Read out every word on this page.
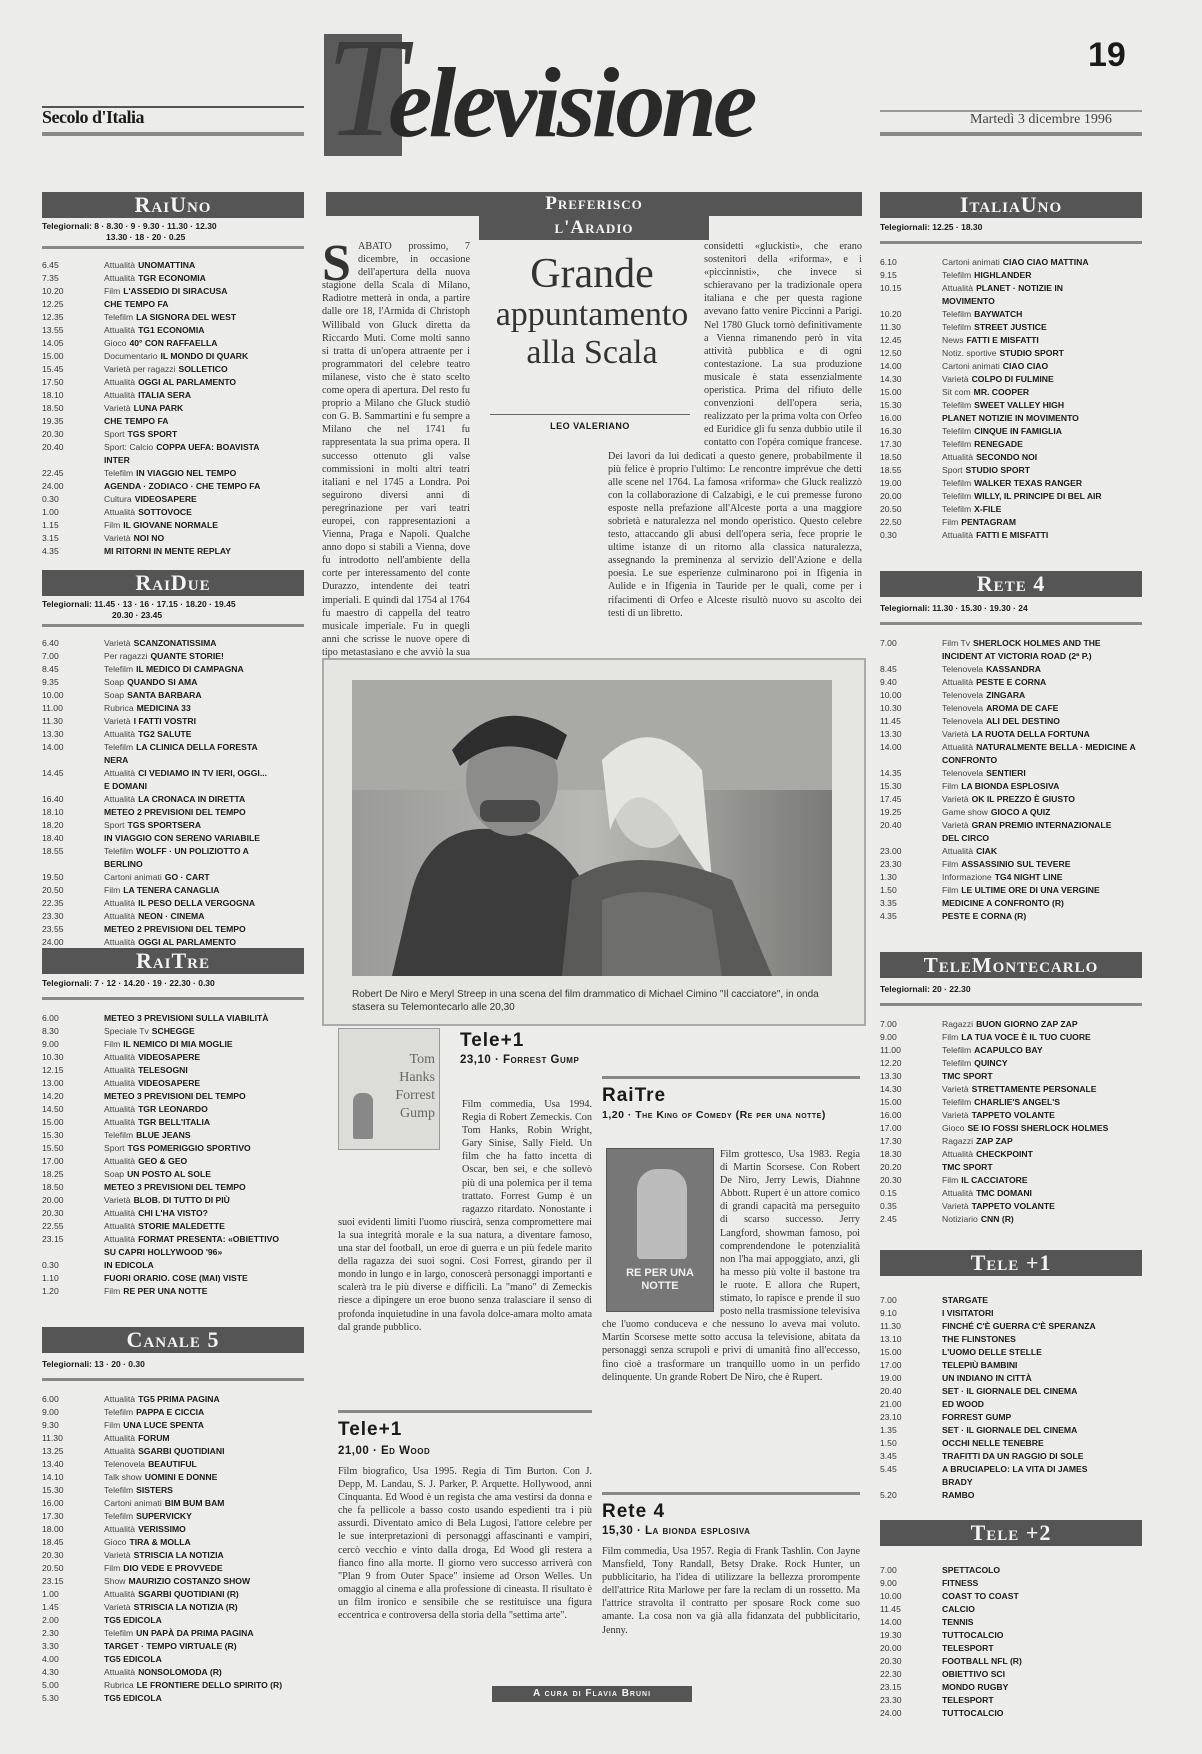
Secolo d'Italia T
elevisione	19
Martedì 3 dicembre 1996
RaiUno
Telegiornali: 8 · 8.30 · 9 · 9.30 · 11.30 · 12.30
13.30 · 18 · 20 · 0.25
6.45	Attualità UNOMATTINA
7.35	Attualità TGR ECONOMIA
10.20	Film L'ASSEDIO DI SIRACUSA
12.25	CHE TEMPO FA
12.35	Telefilm LA SIGNORA DEL WEST
13.55	Attualità TG1 ECONOMIA
14.05	Gioco 40° CON RAFFAELLA
15.00	Documentario IL MONDO DI QUARK
15.45	Varietà per ragazzi SOLLETICO
17.50	Attualità OGGI AL PARLAMENTO
18.10	Attualità ITALIA SERA
18.50	Varietà LUNA PARK
19.35	CHE TEMPO FA
20.30	Sport TGS SPORT
20.40	Sport: Calcio COPPA UEFA: BOAVISTA
INTER
22.45	Telefilm IN VIAGGIO NEL TEMPO
24.00	AGENDA · ZODIACO · CHE TEMPO FA
0.30	Cultura VIDEOSAPERE
1.00	Attualità SOTTOVOCE
1.15	Film IL GIOVANE NORMALE
3.15	Varietà NOI NO
4.35	MI RITORNI IN MENTE REPLAY
RaiDue
Telegiornali: 11.45 · 13 · 16 · 17.15 · 18.20 · 19.45
20.30 · 23.45
6.40	Varietà SCANZONATISSIMA
7.00	Per ragazzi QUANTE STORIE!
8.45	Telefilm IL MEDICO DI CAMPAGNA
9.35	Soap QUANDO SI AMA
10.00	Soap SANTA BARBARA
11.00	Rubrica MEDICINA 33
11.30	Varietà I FATTI VOSTRI
13.30	Attualità TG2 SALUTE
14.00	Telefilm LA CLINICA DELLA FORESTA
NERA
14.45	Attualità CI VEDIAMO IN TV IERI, OGGI...
E DOMANI
16.40	Attualità LA CRONACA IN DIRETTA
18.10	METEO 2 PREVISIONI DEL TEMPO
18.20	Sport TGS SPORTSERA
18.40	IN VIAGGIO CON SERENO VARIABILE
18.55	Telefilm WOLFF · UN POLIZIOTTO A
BERLINO
19.50	Cartoni animati GO · CART
20.50	Film LA TENERA CANAGLIA
22.35	Attualità IL PESO DELLA VERGOGNA
23.30	Attualità NEON · CINEMA
23.55	METEO 2 PREVISIONI DEL TEMPO
24.00	Attualità OGGI AL PARLAMENTO
RaiTre
Telegiornali: 7 · 12 · 14.20 · 19 · 22.30 · 0.30
6.00	METEO 3 PREVISIONI SULLA VIABILITÀ
8.30	Speciale Tv SCHEGGE
9.00	Film IL NEMICO DI MIA MOGLIE
10.30	Attualità VIDEOSAPERE
12.15	Attualità TELESOGNI
13.00	Attualità VIDEOSAPERE
14.20	METEO 3 PREVISIONI DEL TEMPO
14.50	Attualità TGR LEONARDO
15.00	Attualità TGR BELL'ITALIA
15.30	Telefilm BLUE JEANS
15.50	Sport TGS POMERIGGIO SPORTIVO
17.00	Attualità GEO & GEO
18.25	Soap UN POSTO AL SOLE
18.50	METEO 3 PREVISIONI DEL TEMPO
20.00	Varietà BLOB. DI TUTTO DI PIÙ
20.30	Attualità CHI L'HA VISTO?
22.55	Attualità STORIE MALEDETTE
23.15	Attualità FORMAT PRESENTA: «OBIETTIVO
SU CAPRI HOLLYWOOD '96»
0.30	IN EDICOLA
1.10	FUORI ORARIO. COSE (MAI) VISTE
1.20	Film RE PER UNA NOTTE
Canale 5
Telegiornali: 13 · 20 · 0.30
6.00	Attualità TG5 PRIMA PAGINA
9.00	Telefilm PAPPA E CICCIA
9.30	Film UNA LUCE SPENTA
11.30	Attualità FORUM
13.25	Attualità SGARBI QUOTIDIANI
13.40	Telenovela BEAUTIFUL
14.10	Talk show UOMINI E DONNE
15.30	Telefilm SISTERS
16.00	Cartoni animati BIM BUM BAM
17.30	Telefilm SUPERVICKY
18.00	Attualità VERISSIMO
18.45	Gioco TIRA & MOLLA
20.30	Varietà STRISCIA LA NOTIZIA
20.50	Film DIO VEDE E PROVVEDE
23.15	Show MAURIZIO COSTANZO SHOW
1.00	Attualità SGARBI QUOTIDIANI (R)
1.45	Varietà STRISCIA LA NOTIZIA (R)
2.00	TG5 EDICOLA
2.30	Telefilm UN PAPÀ DA PRIMA PAGINA
3.30	TARGET · TEMPO VIRTUALE (R)
4.00	TG5 EDICOLA
4.30	Attualità NONSOLOMODA (R)
5.00	Rubrica LE FRONTIERE DELLO SPIRITO (R)
5.30	TG5 EDICOLA
ItaliaUno
Telegiornali: 12.25 · 18.30
6.10	Cartoni animati CIAO CIAO MATTINA
9.15	Telefilm HIGHLANDER
10.15	Attualità PLANET · NOTIZIE IN
MOVIMENTO
10.20	Telefilm BAYWATCH
11.30	Telefilm STREET JUSTICE
12.45	News FATTI E MISFATTI
12.50	Notiz. sportive STUDIO SPORT
14.00	Cartoni animati CIAO CIAO
14.30	Varietà COLPO DI FULMINE
15.00	Sit com MR. COOPER
15.30	Telefilm SWEET VALLEY HIGH
16.00	PLANET NOTIZIE IN MOVIMENTO
16.30	Telefilm CINQUE IN FAMIGLIA
17.30	Telefilm RENEGADE
18.50	Attualità SECONDO NOI
18.55	Sport STUDIO SPORT
19.00	Telefilm WALKER TEXAS RANGER
20.00	Telefilm WILLY, IL PRINCIPE DI BEL AIR
20.50	Telefilm X-FILE
22.50	Film PENTAGRAM
0.30	Attualità FATTI E MISFATTI
Rete 4
Telegiornali: 11.30 · 15.30 · 19.30 · 24
7.00	Film Tv SHERLOCK HOLMES AND THE
INCIDENT AT VICTORIA ROAD (2ª P.)
8.45	Telenovela KASSANDRA
9.40	Attualità PESTE E CORNA
10.00	Telenovela ZINGARA
10.30	Telenovela AROMA DE CAFE
11.45	Telenovela ALI DEL DESTINO
13.30	Varietà LA RUOTA DELLA FORTUNA
14.00	Attualità NATURALMENTE BELLA · MEDICINE A
CONFRONTO
14.35	Telenovela SENTIERI
15.30	Film LA BIONDA ESPLOSIVA
17.45	Varietà OK IL PREZZO È GIUSTO
19.25	Game show GIOCO A QUIZ
20.40	Varietà GRAN PREMIO INTERNAZIONALE
DEL CIRCO
23.00	Attualità CIAK
23.30	Film ASSASSINIO SUL TEVERE
1.30	Informazione TG4 NIGHT LINE
1.50	Film LE ULTIME ORE DI UNA VERGINE
3.35	MEDICINE A CONFRONTO (R)
4.35	PESTE E CORNA (R)
TeleMontecarlo
Telegiornali: 20 · 22.30
7.00	Ragazzi BUON GIORNO ZAP ZAP
9.00	Film LA TUA VOCE È IL TUO CUORE
11.00	Telefilm ACAPULCO BAY
12.20	Telefilm QUINCY
13.30	TMC SPORT
14.30	Varietà STRETTAMENTE PERSONALE
15.00	Telefilm CHARLIE'S ANGEL'S
16.00	Varietà TAPPETO VOLANTE
17.00	Gioco SE IO FOSSI SHERLOCK HOLMES
17.30	Ragazzi ZAP ZAP
18.30	Attualità CHECKPOINT
20.20	TMC SPORT
20.30	Film IL CACCIATORE
0.15	Attualità TMC DOMANI
0.35	Varietà TAPPETO VOLANTE
2.45	Notiziario CNN (R)
Tele +1
7.00	STARGATE
9.10	I VISITATORI
11.30	FINCHÉ C'È GUERRA C'È SPERANZA
13.10	THE FLINSTONES
15.00	L'UOMO DELLE STELLE
17.00	TELEPIÙ BAMBINI
19.00	UN INDIANO IN CITTÀ
20.40	SET · IL GIORNALE DEL CINEMA
21.00	ED WOOD
23.10	FORREST GUMP
1.35	SET · IL GIORNALE DEL CINEMA
1.50	OCCHI NELLE TENEBRE
3.45	TRAFITTI DA UN RAGGIO DI SOLE
5.45	A BRUCIAPELO: LA VITA DI JAMES
BRADY
5.20	RAMBO
Tele +2
7.00	SPETTACOLO
9.00	FITNESS
10.00	COAST TO COAST
11.45	CALCIO
14.00	TENNIS
19.30	TUTTOCALCIO
20.00	TELESPORT
20.30	FOOTBALL NFL (R)
22.30	OBIETTIVO SCI
23.15	MONDO RUGBY
23.30	TELESPORT
24.00	TUTTOCALCIO
Preferisco
l'Aradio
S ABATO prossimo, 7 dicembre, in occasione dell'apertura della nuova stagione della Scala di Milano, Radiotre metterà in onda, a partire dalle ore 18, l'Armida di Christoph Willibald von Gluck diretta da Riccardo Muti. Come molti sanno si tratta di un'opera attraente per i programmatori del celebre teatro milanese, visto che è stato scelto come opera di apertura. Del resto fu proprio a Milano che Gluck studiò con G. B. Sammartini e fu sempre a Milano che nel 1741 fu rappresentata la sua prima opera. Il successo ottenuto gli valse commissioni in molti altri teatri italiani e nel 1745 a Londra. Poi seguirono diversi anni di peregrinazione per vari teatri europei, con rappresentazioni a Vienna, Praga e Napoli. Qualche anno dopo si stabilì a Vienna, dove fu introdotto nell'ambiente della corte per interessamento del conte Durazzo, intendente dei teatri imperiali. E quindi dal 1754 al 1764 fu maestro di cappella del teatro musicale imperiale. Fu in quegli anni che scrisse le nuove opere di tipo metastasiano e che avviò la sua
Grande
appuntamento
alla Scala
LEO VALERIANO
considetti «gluckisti», che erano sostenitori della «riforma», e i «piccinnisti», che invece si schieravano per la tradizionale opera italiana e che per questa ragione avevano fatto venire Piccinni a Parigi. Nel 1780 Gluck tornò definitivamente a Vienna rimanendo però in vita attività pubblica e di ogni contestazione. La sua produzione musicale è stata essenzialmente operistica. Prima del rifiuto delle convenzioni dell'opera seria, realizzato per la prima volta con Orfeo ed Euridice gli fu senza dubbio utile il contatto con l'opéra comique francese. Dei lavori da lui dedicati a questo genere, probabilmente il più felice è proprio l'ultimo: Le rencontre imprévue che detti alle scene nel 1764. La famosa «riforma» che Gluck realizzò con la collaborazione di Calzabigi, e le cui premesse furono esposte nella prefazione all'Alceste porta a una maggiore sobrietà e naturalezza nel mondo operistico. Questo celebre testo, attaccando gli abusi dell'opera seria, fece proprie le ultime istanze di un ritorno alla classica naturalezza, assegnando la preminenza al servizio dell'Azione e della poesia. Le sue esperienze culminarono poi in Ifigenia in Aulide e in Ifigenia in Tauride per le quali, come per i rifacimenti di Orfeo e Alceste risultò nuovo su ascolto dei testi di un libretto.
Robert De Niro e Meryl Streep in una scena del film drammatico di Michael Cimino "Il cacciatore", in onda stasera su Telemontecarlo alle 20,30
Tom Hanks Forrest Gump
Tele+1
23,10 · Forrest Gump
Film commedia, Usa 1994. Regia di Robert Zemeckis. Con Tom Hanks, Robin Wright, Gary Sinise, Sally Field. Un film che ha fatto incetta di Oscar, ben sei, e che sollevò più di una polemica per il tema trattato. Forrest Gump è un ragazzo ritardato. Nonostante i suoi evidenti limiti l'uomo riuscirà, senza compromettere mai la sua integrità morale e la sua natura, a diventare famoso, una star del football, un eroe di guerra e un più fedele marito della ragazza dei suoi sogni. Così Forrest, girando per il mondo in lungo e in largo, conoscerà personaggi importanti e scalerà tra le più diverse e difficili. La "mano" di Zemeckis riesce a dipingere un eroe buono senza tralasciare il senso di profonda inquietudine in una favola dolce-amara molto amata dal grande pubblico.
Tele+1
21,00 · Ed Wood
Film biografico, Usa 1995. Regia di Tim Burton. Con J. Depp, M. Landau, S. J. Parker, P. Arquette. Hollywood, anni Cinquanta. Ed Wood è un regista che ama vestirsi da donna e che fa pellicole a basso costo usando espedienti tra i più assurdi. Diventato amico di Bela Lugosi, l'attore celebre per le sue interpretazioni di personaggi affascinanti e vampiri, cercò vecchio e vinto dalla droga, Ed Wood gli restera a fianco fino alla morte. Il giorno vero successo arriverà con "Plan 9 from Outer Space" insieme ad Orson Welles. Un omaggio al cinema e alla professione di cineasta. Il risultato è un film ironico e sensibile che se restituisce una figura eccentrica e controversa della storia della "settima arte".
RaiTre
1,20 · The King of Comedy (Re per una notte)
RE PER UNA NOTTE
Film grottesco, Usa 1983. Regia di Martin Scorsese. Con Robert De Niro, Jerry Lewis, Diahnne Abbott. Rupert è un attore comico di grandi capacità ma perseguito di scarso successo. Jerry Langford, showman famoso, poi comprendendone le potenzialità non l'ha mai appoggiato, anzi, gli ha messo più volte il bastone tra le ruote. E allora che Rupert, stimato, lo rapisce e prende il suo posto nella trasmissione televisiva che l'uomo conduceva e che nessuno lo aveva mai voluto. Martin Scorsese mette sotto accusa la televisione, abitata da personaggi senza scrupoli e privi di umanità fino all'eccesso, fino cioè a trasformare un tranquillo uomo in un perfido delinquente. Un grande Robert De Niro, che è Rupert.
Rete 4
15,30 · La bionda esplosiva
Film commedia, Usa 1957. Regia di Frank Tashlin. Con Jayne Mansfield, Tony Randall, Betsy Drake. Rock Hunter, un pubblicitario, ha l'idea di utilizzare la bellezza prorompente dell'attrice Rita Marlowe per fare la reclam di un rossetto. Ma l'attrice stravolta il contratto per sposare Rock come suo amante. La cosa non va già alla fidanzata del pubblicitario, Jenny.
A cura di Flavia Bruni
